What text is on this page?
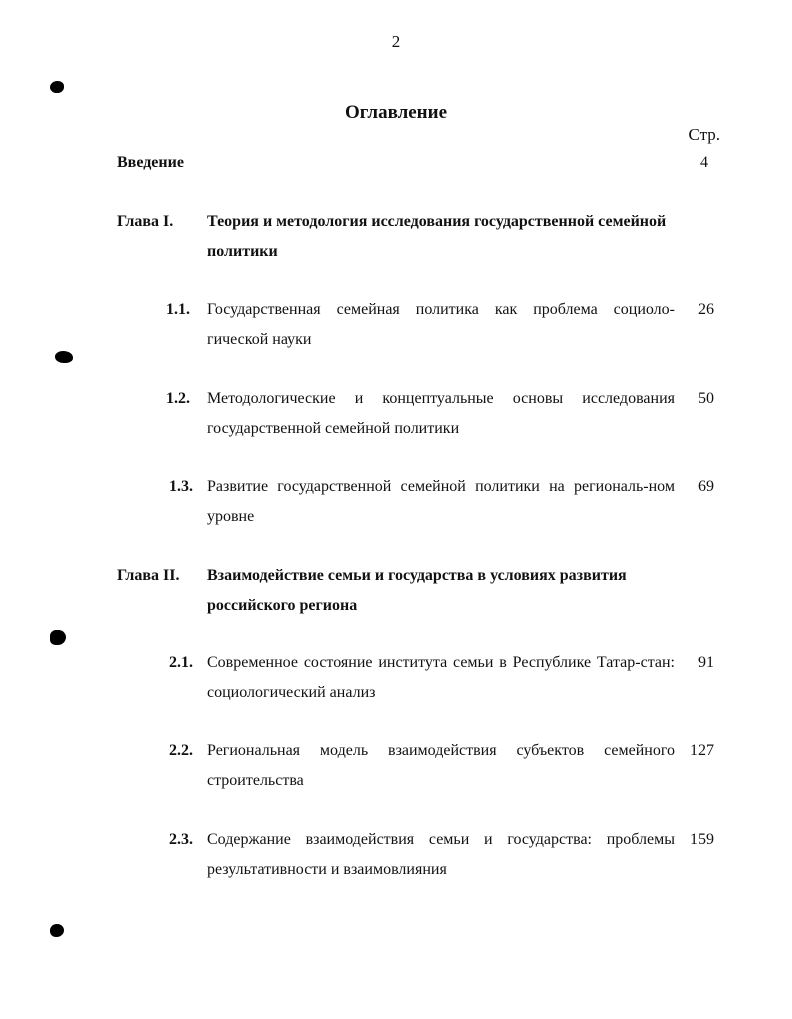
2

Оглавление

Стр.

Введение	4

Глава I. Теория и методология исследования государственной семейной политики

1.1. Государственная семейная политика как проблема социоло-гической науки

26

1.2. Методологические и концептуальные основы исследования государственной семейной политики

50

1.3. Развитие государственной семейной политики на региональ-ном уровне

69

Глава II. Взаимодействие семьи и государства в условиях развития российского региона

2.1. Современное состояние института семьи в Республике Татар-стан: социологический анализ

91

2.2. Региональная модель взаимодействия субъектов семейного строительства

127

2.3. Содержание взаимодействия семьи и государства: проблемы результативности и взаимовлияния

159
